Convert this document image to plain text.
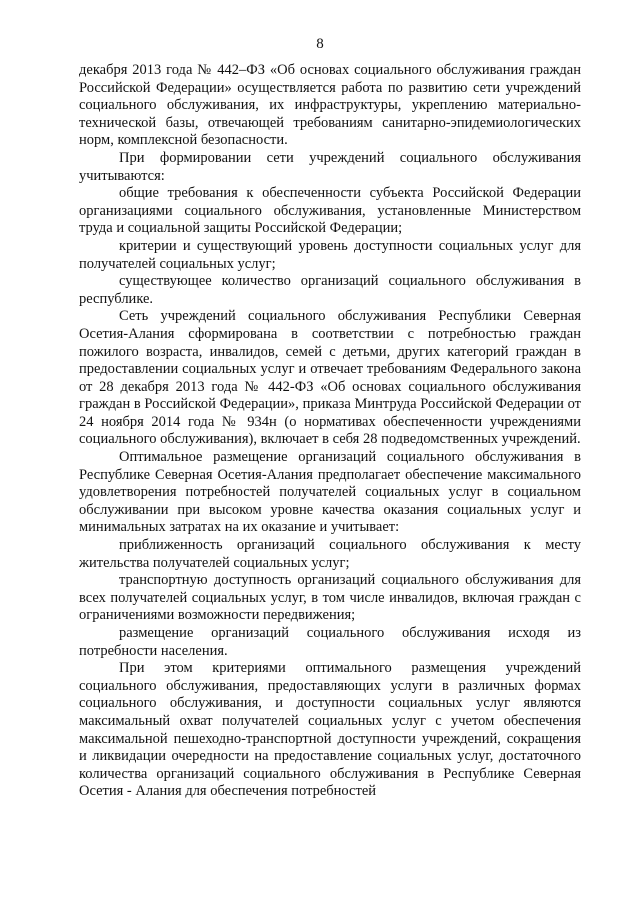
8

декабря 2013 года № 442–ФЗ «Об основах социального обслуживания граждан Российской Федерации» осуществляется работа по развитию сети учреждений социального обслуживания, их инфраструктуры, укреплению материально-технической базы, отвечающей требованиям санитарно-эпидемиологических норм, комплексной безопасности.

При формировании сети учреждений социального обслуживания учитываются:

общие требования к обеспеченности субъекта Российской Федерации организациями социального обслуживания, установленные Министерством труда и социальной защиты Российской Федерации;

критерии и существующий уровень доступности социальных услуг для получателей социальных услуг;

существующее количество организаций социального обслуживания в республике.

Сеть учреждений социального обслуживания Республики Северная Осетия-Алания сформирована в соответствии с потребностью граждан пожилого возраста, инвалидов, семей с детьми, других категорий граждан в предоставлении социальных услуг и отвечает требованиям Федерального закона от 28 декабря 2013 года № 442-ФЗ «Об основах социального обслуживания граждан в Российской Федерации», приказа Минтруда Российской Федерации от 24 ноября 2014 года № 934н (о нормативах обеспеченности учреждениями социального обслуживания), включает в себя 28 подведомственных учреждений.

Оптимальное размещение организаций социального обслуживания в Республике Северная Осетия-Алания предполагает обеспечение максимального удовлетворения потребностей получателей социальных услуг в социальном обслуживании при высоком уровне качества оказания социальных услуг и минимальных затратах на их оказание и учитывает:

приближенность организаций социального обслуживания к месту жительства получателей социальных услуг;

транспортную доступность организаций социального обслуживания для всех получателей социальных услуг, в том числе инвалидов, включая граждан с ограничениями возможности передвижения;

размещение организаций социального обслуживания исходя из потребности населения.

При этом критериями оптимального размещения учреждений социального обслуживания, предоставляющих услуги в различных формах социального обслуживания, и доступности социальных услуг являются максимальный охват получателей социальных услуг с учетом обеспечения максимальной пешеходно-транспортной доступности учреждений, сокращения и ликвидации очередности на предоставление социальных услуг, достаточного количества организаций социального обслуживания в Республике Северная Осетия - Алания для обеспечения потребностей
